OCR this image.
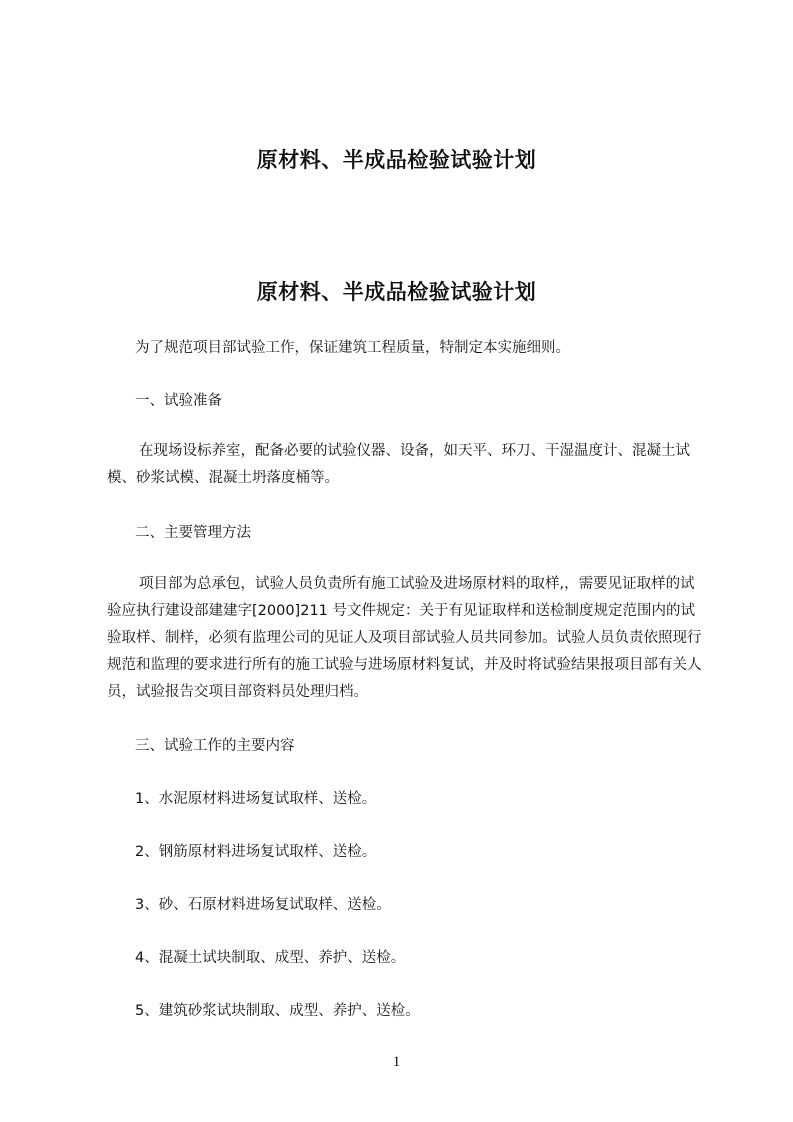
原材料、半成品检验试验计划
原材料、半成品检验试验计划

为了规范项目部试验工作，保证建筑工程质量，特制定本实施细则。

一、试验准备

在现场设标养室，配备必要的试验仪器、设备，如天平、环刀、干湿温度计、混凝土试模、砂浆试模、混凝土坍落度桶等。

二、主要管理方法

项目部为总承包，试验人员负责所有施工试验及进场原材料的取样,，需要见证取样的试验应执行建设部建建字[2000]211 号文件规定：关于有见证取样和送检制度规定范围内的试验取样、制样，必须有监理公司的见证人及项目部试验人员共同参加。试验人员负责依照现行规范和监理的要求进行所有的施工试验与进场原材料复试，并及时将试验结果报项目部有关人员，试验报告交项目部资料员处理归档。

三、试验工作的主要内容

1、水泥原材料进场复试取样、送检。

2、钢筋原材料进场复试取样、送检。

3、砂、石原材料进场复试取样、送检。

4、混凝土试块制取、成型、养护、送检。

5、建筑砂浆试块制取、成型、养护、送检。

1
